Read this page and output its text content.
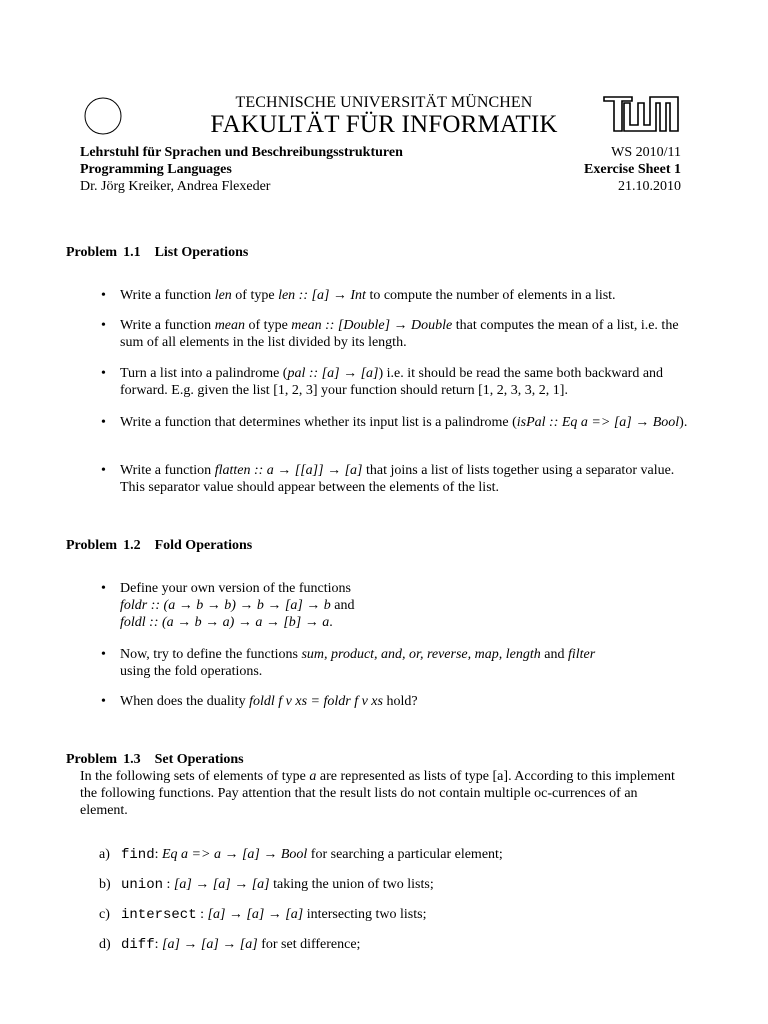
TECHNISCHE UNIVERSITÄT MÜNCHEN
FAKULTÄT FÜR INFORMATIK
Lehrstuhl für Sprachen und Beschreibungsstrukturen
Programming Languages
Dr. Jörg Kreiker, Andrea Flexeder
WS 2010/11
Exercise Sheet 1
21.10.2010
Problem 1.1 List Operations
• Write a function len of type len :: [a] → Int to compute the number of elements in a list.
• Write a function mean of type mean :: [Double] → Double that computes the mean of a list, i.e. the sum of all elements in the list divided by its length.
• Turn a list into a palindrome (pal :: [a] → [a]) i.e. it should be read the same both backward and forward. E.g. given the list [1, 2, 3] your function should return [1, 2, 3, 3, 2, 1].
• Write a function that determines whether its input list is a palindrome (isPal :: Eq a => [a] → Bool).
• Write a function flatten :: a → [[a]] → [a] that joins a list of lists together using a separator value. This separator value should appear between the elements of the list.
Problem 1.2 Fold Operations
• Define your own version of the functions
foldr :: (a → b → b) → b → [a] → b and
foldl :: (a → b → a) → a → [b] → a.
• Now, try to define the functions sum, product, and, or, reverse, map, length and filter
using the fold operations.
• When does the duality foldl f v xs = foldr f v xs hold?
Problem 1.3 Set Operations
In the following sets of elements of type a are represented as lists of type [a]. According to this implement the following functions. Pay attention that the result lists do not contain multiple oc-currences of an element.
a) find: Eq a => a → [a] → Bool for searching a particular element;
b) union : [a] → [a] → [a] taking the union of two lists;
c) intersect : [a] → [a] → [a] intersecting two lists;
d) diff: [a] → [a] → [a] for set difference;
